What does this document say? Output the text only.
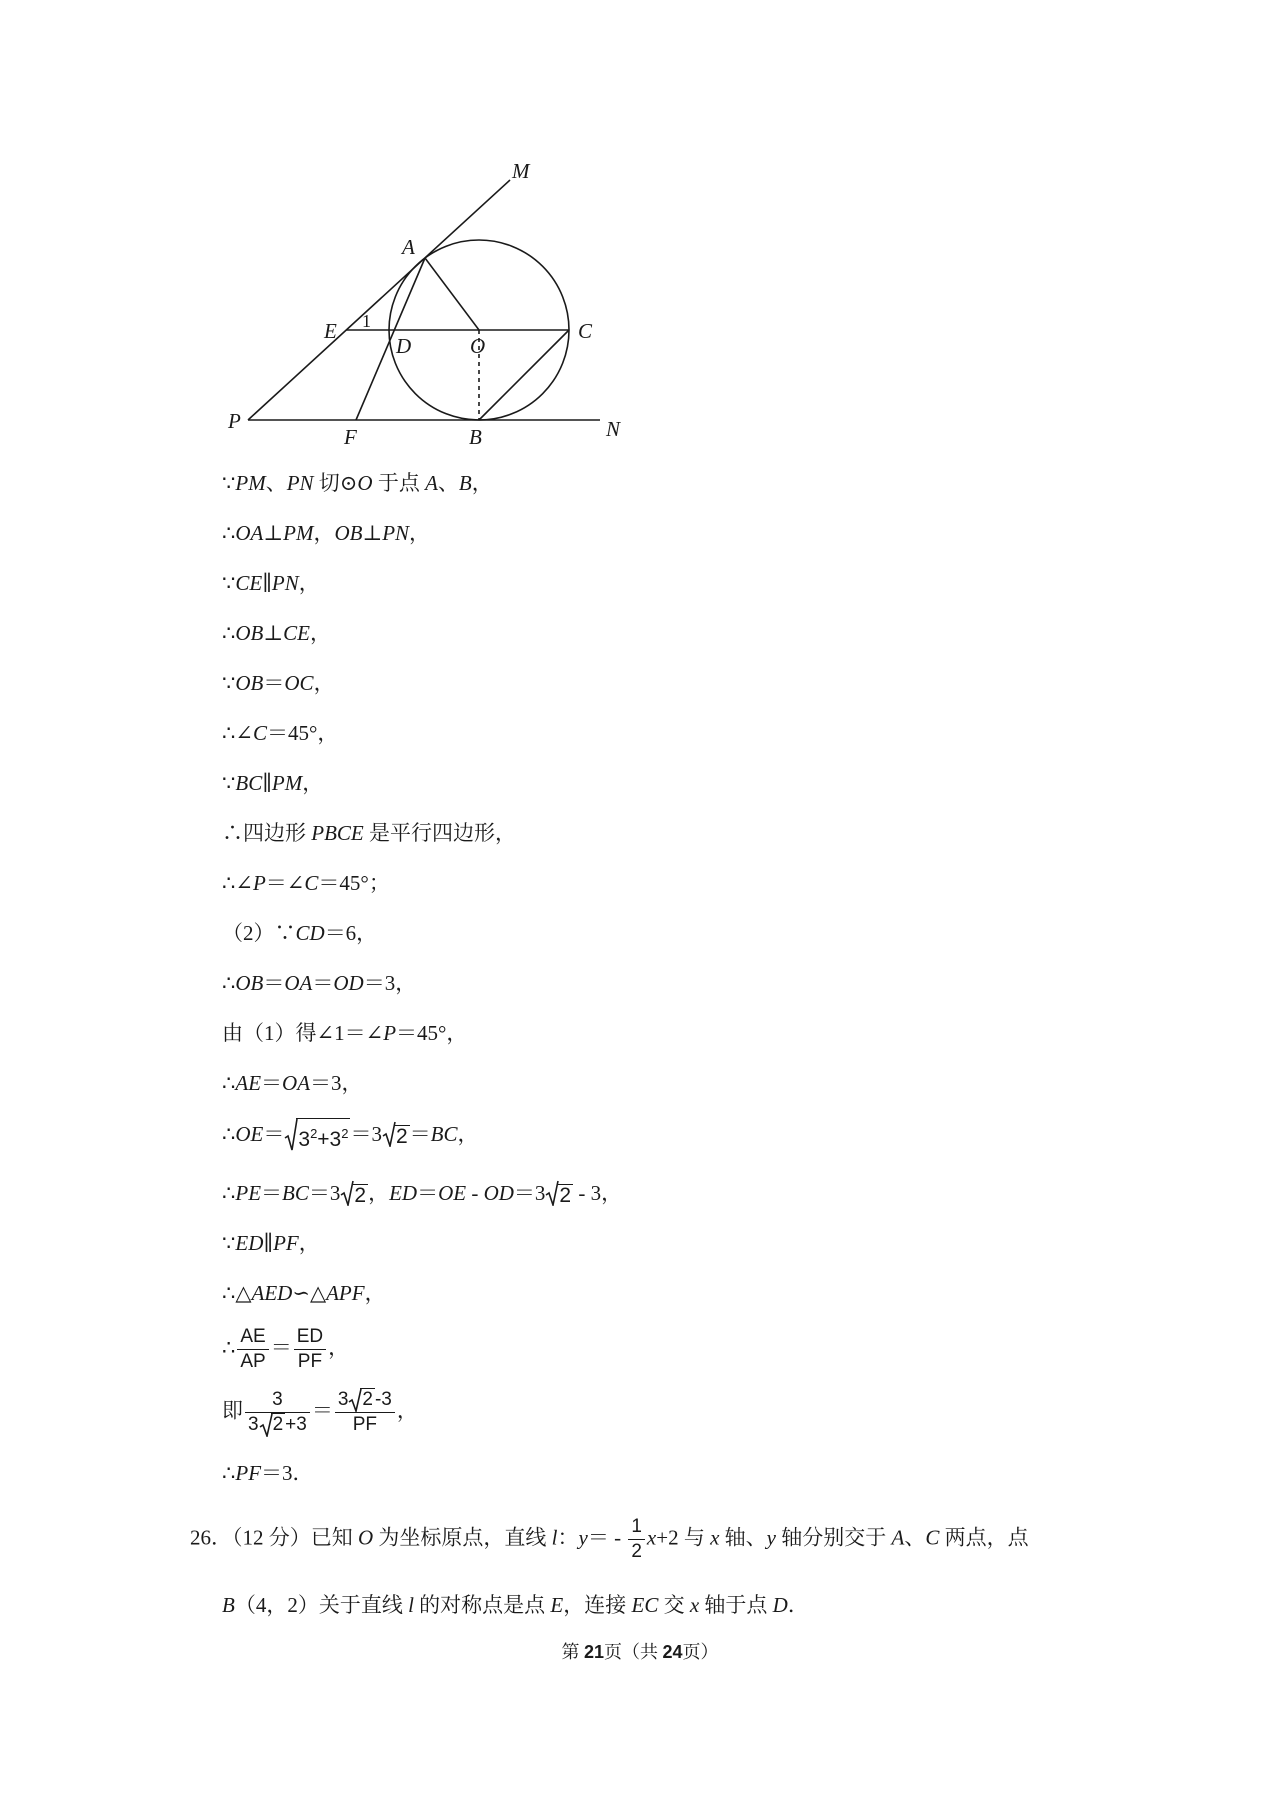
M
A
E 1
D	O
C
P
F	B	N
∵PM、PN 切⊙O 于点 A、B，
∴OA⊥PM，OB⊥PN，
∵CE∥PN，
∴OB⊥CE，
∵OB＝OC，
∴∠C＝45°，
∵BC∥PM，
∴四边形 PBCE 是平行四边形，
∴∠P＝∠C＝45°；
（2）∵CD＝6，
∴OB＝OA＝OD＝3，
由（1）得∠1＝∠P＝45°，
∴AE＝OA＝3，
∴OE＝ $3^2+3^2=3$ 2＝BC，
∴PE＝BC＝3 2，ED＝OE - OD＝3 2 - 3，
∵ED∥PF，
∴△AED∽△APF，
∴ $\frac{AE}{AP} = \frac{ED}{PF}$ ，
即 $\frac{3}{3 2 +3} = \frac{3 2 -3}{PF}$ ，
∴PF＝3．
26．（12 分）已知 O 为坐标原点，直线 l：$y= - \frac{1}{2} x+2$ 与 x 轴、y 轴分别交于 A、C 两点，点
B（4，2）关于直线 l 的对称点是点 E，连接 EC 交 x 轴于点 D．
第 21页（共 24页）
